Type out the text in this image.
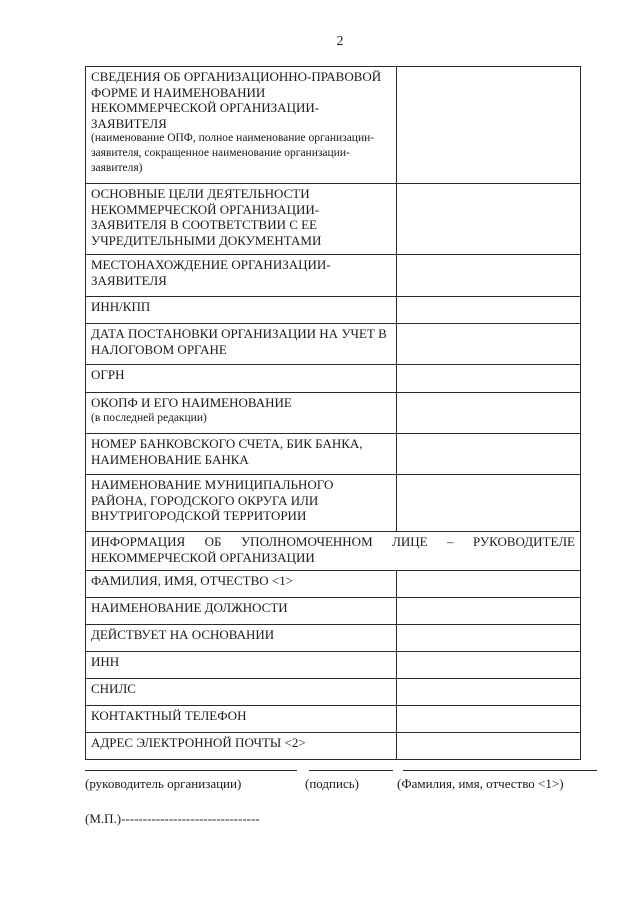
2
СВЕДЕНИЯ ОБ ОРГАНИЗАЦИОННО-ПРАВОВОЙ ФОРМЕ И НАИМЕНОВАНИИ НЕКОММЕРЧЕСКОЙ ОРГАНИЗАЦИИ-ЗАЯВИТЕЛЯ
(наименование ОПФ, полное наименование организации-заявителя, сокращенное наименование организации-заявителя)	

ОСНОВНЫЕ ЦЕЛИ ДЕЯТЕЛЬНОСТИ НЕКОММЕРЧЕСКОЙ ОРГАНИЗАЦИИ-ЗАЯВИТЕЛЯ В СООТВЕТСТВИИ С ЕЕ УЧРЕДИТЕЛЬНЫМИ ДОКУМЕНТАМИ	
МЕСТОНАХОЖДЕНИЕ ОРГАНИЗАЦИИ-ЗАЯВИТЕЛЯ	
ИНН/КПП	
ДАТА ПОСТАНОВКИ ОРГАНИЗАЦИИ НА УЧЕТ В НАЛОГОВОМ ОРГАНЕ	
ОГРН	
ОКОПФ И ЕГО НАИМЕНОВАНИЕ
(в последней редакции)	

НОМЕР БАНКОВСКОГО СЧЕТА, БИК БАНКА, НАИМЕНОВАНИЕ БАНКА	
НАИМЕНОВАНИЕ МУНИЦИПАЛЬНОГО РАЙОНА, ГОРОДСКОГО ОКРУГА ИЛИ ВНУТРИГОРОДСКОЙ ТЕРРИТОРИИ	

ИНФОРМАЦИЯ ОБ УПОЛНОМОЧЕННОМ ЛИЦЕ – РУКОВОДИТЕЛЕ
НЕКОММЕРЧЕСКОЙ ОРГАНИЗАЦИИ	
ФАМИЛИЯ, ИМЯ, ОТЧЕСТВО <1>	
НАИМЕНОВАНИЕ ДОЛЖНОСТИ	
ДЕЙСТВУЕТ НА ОСНОВАНИИ	
ИНН	
СНИЛС	
КОНТАКТНЫЙ ТЕЛЕФОН	
АДРЕС ЭЛЕКТРОННОЙ ПОЧТЫ <2>	
(руководитель организации)	(подпись)	(Фамилия, имя, отчество <1>)
(М.П.)--------------------------------
